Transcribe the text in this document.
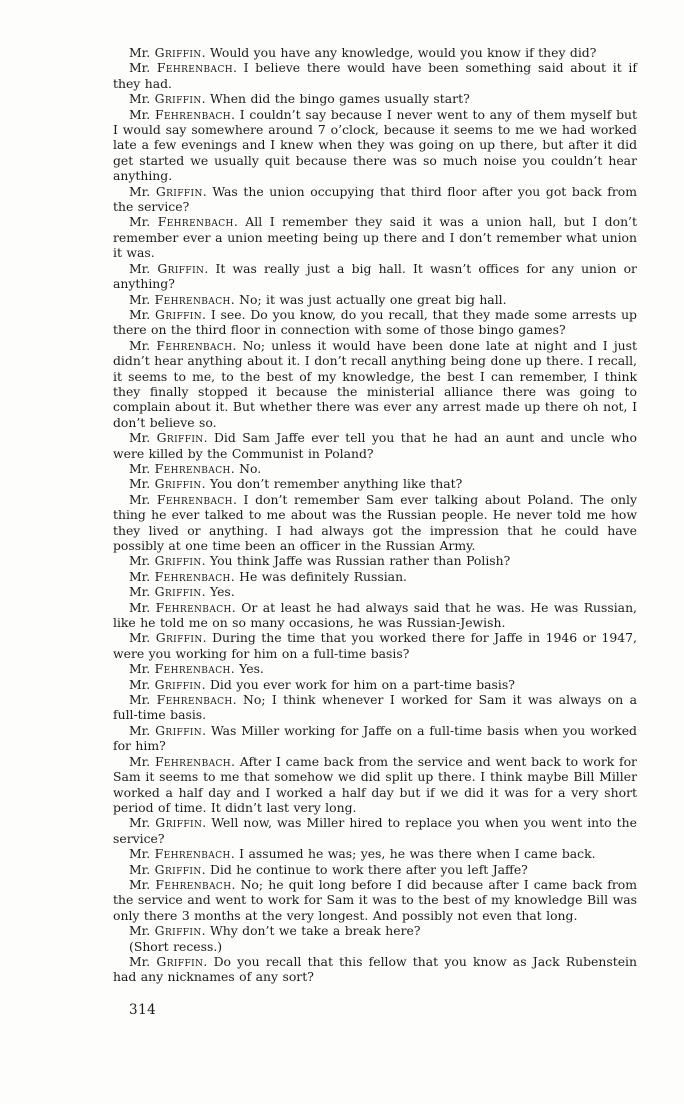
Mr. Griffin. Would you have any knowledge, would you know if they did?

Mr. Fehrenbach. I believe there would have been something said about it if they had.

Mr. Griffin. When did the bingo games usually start?

Mr. Fehrenbach. I couldn’t say because I never went to any of them myself but I would say somewhere around 7 o’clock, because it seems to me we had worked late a few evenings and I knew when they was going on up there, but after it did get started we usually quit because there was so much noise you couldn’t hear anything.

Mr. Griffin. Was the union occupying that third floor after you got back from the service?

Mr. Fehrenbach. All I remember they said it was a union hall, but I don’t remember ever a union meeting being up there and I don’t remember what union it was.

Mr. Griffin. It was really just a big hall. It wasn’t offices for any union or anything?

Mr. Fehrenbach. No; it was just actually one great big hall.

Mr. Griffin. I see. Do you know, do you recall, that they made some arrests up there on the third floor in connection with some of those bingo games?

Mr. Fehrenbach. No; unless it would have been done late at night and I just didn’t hear anything about it. I don’t recall anything being done up there. I recall, it seems to me, to the best of my knowledge, the best I can remember, I think they finally stopped it because the ministerial alliance there was going to complain about it. But whether there was ever any arrest made up there oh not, I don’t believe so.

Mr. Griffin. Did Sam Jaffe ever tell you that he had an aunt and uncle who were killed by the Communist in Poland?

Mr. Fehrenbach. No.

Mr. Griffin. You don’t remember anything like that?

Mr. Fehrenbach. I don’t remember Sam ever talking about Poland. The only thing he ever talked to me about was the Russian people. He never told me how they lived or anything. I had always got the impression that he could have possibly at one time been an officer in the Russian Army.

Mr. Griffin. You think Jaffe was Russian rather than Polish?

Mr. Fehrenbach. He was definitely Russian.

Mr. Griffin. Yes.

Mr. Fehrenbach. Or at least he had always said that he was. He was Russian, like he told me on so many occasions, he was Russian-Jewish.

Mr. Griffin. During the time that you worked there for Jaffe in 1946 or 1947, were you working for him on a full-time basis?

Mr. Fehrenbach. Yes.

Mr. Griffin. Did you ever work for him on a part-time basis?

Mr. Fehrenbach. No; I think whenever I worked for Sam it was always on a full-time basis.

Mr. Griffin. Was Miller working for Jaffe on a full-time basis when you worked for him?

Mr. Fehrenbach. After I came back from the service and went back to work for Sam it seems to me that somehow we did split up there. I think maybe Bill Miller worked a half day and I worked a half day but if we did it was for a very short period of time. It didn’t last very long.

Mr. Griffin. Well now, was Miller hired to replace you when you went into the service?

Mr. Fehrenbach. I assumed he was; yes, he was there when I came back.

Mr. Griffin. Did he continue to work there after you left Jaffe?

Mr. Fehrenbach. No; he quit long before I did because after I came back from the service and went to work for Sam it was to the best of my knowledge Bill was only there 3 months at the very longest. And possibly not even that long.

Mr. Griffin. Why don’t we take a break here?

(Short recess.)

Mr. Griffin. Do you recall that this fellow that you know as Jack Rubenstein had any nicknames of any sort?

314
